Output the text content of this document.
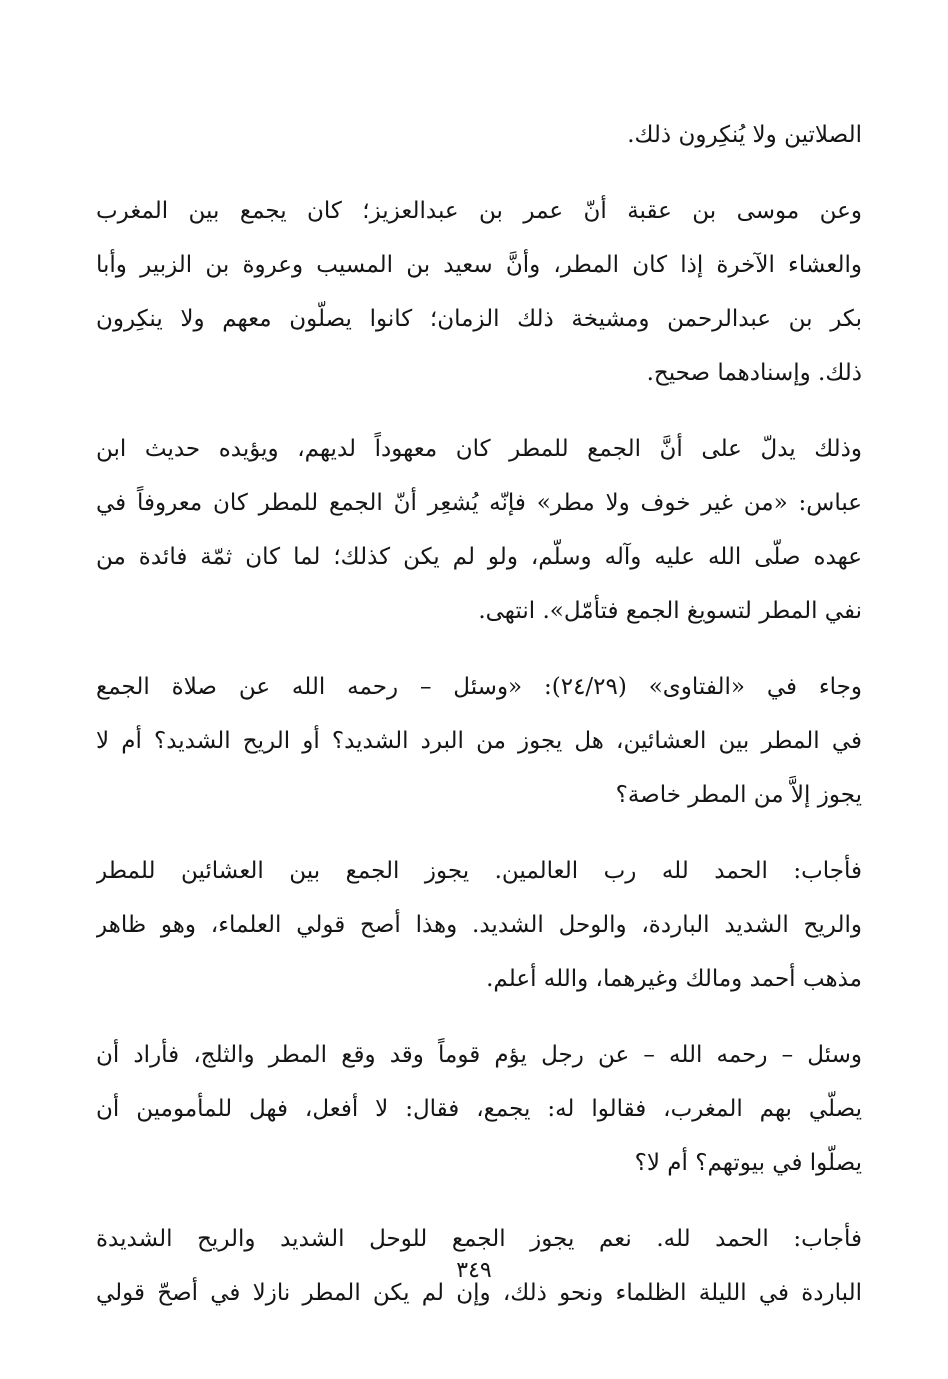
الصلاتين ولا يُنكِرون ذلك.
وعن موسى بن عقبة أنّ عمر بن عبدالعزيز؛ كان يجمع بين المغرب
والعشاء الآخرة إذا كان المطر، وأنَّ سعيد بن المسيب وعروة بن الزبير وأبا
بكر بن عبدالرحمن ومشيخة ذلك الزمان؛ كانوا يصلّون معهم ولا ينكِرون
ذلك. وإسنادهما صحيح.
وذلك يدلّ على أنَّ الجمع للمطر كان معهوداً لديهم، ويؤيده حديث ابن
عباس: «من غير خوف ولا مطر» فإنّه يُشعِر أنّ الجمع للمطر كان معروفاً في
عهده صلّى الله عليه وآله وسلّم، ولو لم يكن كذلك؛ لما كان ثمّة فائدة من
نفي المطر لتسويغ الجمع فتأمّل». انتهى.
وجاء في «الفتاوى» (٢٤/٢٩): «وسئل – رحمه الله عن صلاة الجمع
في المطر بين العشائين، هل يجوز من البرد الشديد؟ أو الريح الشديد؟ أم لا
يجوز إلاَّ من المطر خاصة؟
فأجاب: الحمد لله رب العالمين. يجوز الجمع بين العشائين للمطر
والريح الشديد الباردة، والوحل الشديد. وهذا أصح قولي العلماء، وهو ظاهر
مذهب أحمد ومالك وغيرهما، والله أعلم.
وسئل – رحمه الله – عن رجل يؤم قوماً وقد وقع المطر والثلج، فأراد أن
يصلّي بهم المغرب، فقالوا له: يجمع، فقال: لا أفعل، فهل للمأمومين أن
يصلّوا في بيوتهم؟ أم لا؟
فأجاب: الحمد لله. نعم يجوز الجمع للوحل الشديد والريح الشديدة
الباردة في الليلة الظلماء ونحو ذلك، وإن لم يكن المطر نازلا في أصحّ قولي
٣٤٩
